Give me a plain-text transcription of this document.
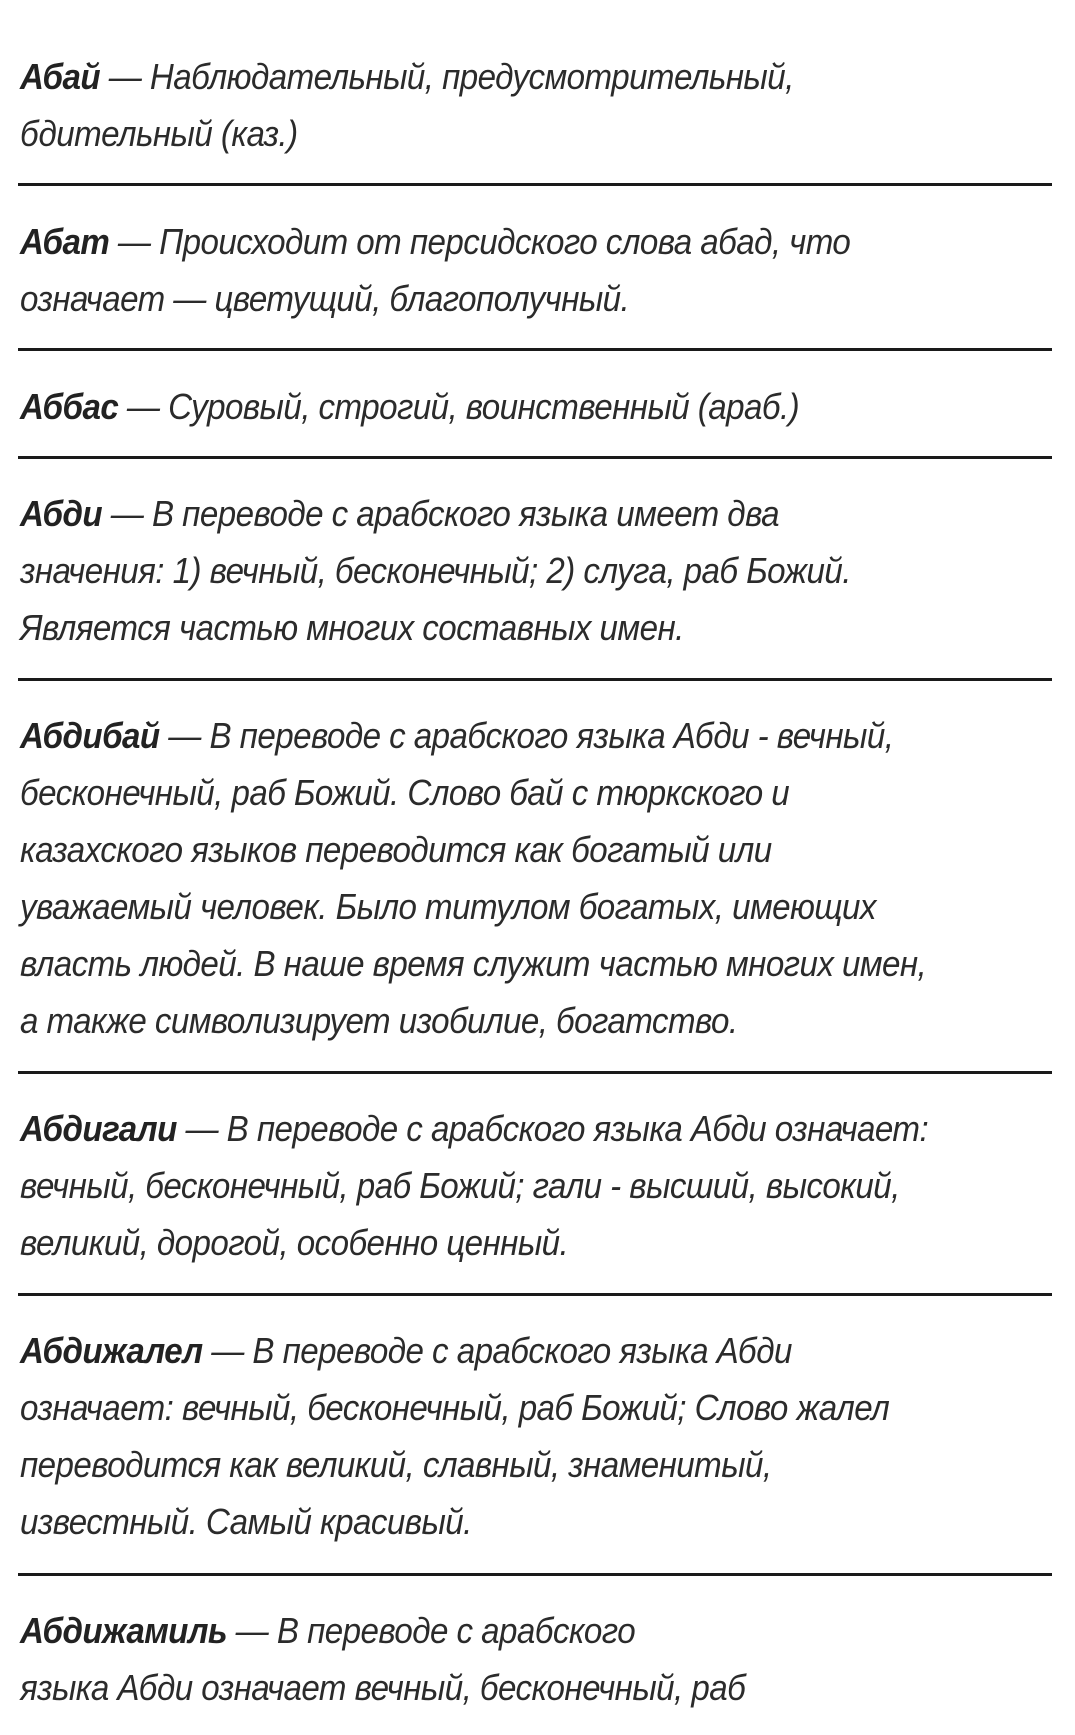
Абай — Наблюдательный, предусмотрительный,
бдительный (каз.)
Абат — Происходит от персидского слова абад, что
означает — цветущий, благополучный.
Аббас — Суровый, строгий, воинственный (араб.)
Абди — В переводе с арабского языка имеет два
значения: 1) вечный, бесконечный; 2) слуга, раб Божий.
Является частью многих составных имен.
Абдибай — В переводе с арабского языка Абди - вечный,
бесконечный, раб Божий. Слово бай с тюркского и
казахского языков переводится как богатый или
уважаемый человек. Было титулом богатых, имеющих
власть людей. В наше время служит частью многих имен,
а также символизирует изобилие, богатство.
Абдигали — В переводе с арабского языка Абди означает:
вечный, бесконечный, раб Божий; гали - высший, высокий,
великий, дорогой, особенно ценный.
Абдижалел — В переводе с арабского языка Абди
означает: вечный, бесконечный, раб Божий; Слово жалел
переводится как великий, славный, знаменитый,
известный. Самый красивый.
Абдижамиль — В переводе с арабского
языка Абди означает вечный, бесконечный, раб
